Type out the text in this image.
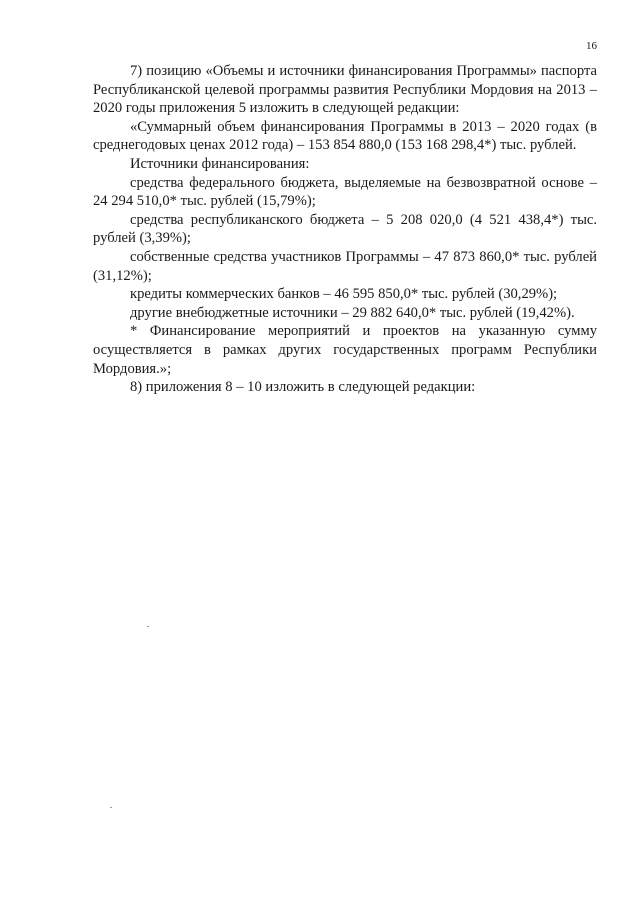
16

7) позицию «Объемы и источники финансирования Программы» паспорта Республиканской целевой программы развития Республики Мордовия на 2013 – 2020 годы приложения 5 изложить в следующей редакции:

«Суммарный объем финансирования Программы в 2013 – 2020 годах (в среднегодовых ценах 2012 года) – 153 854 880,0 (153 168 298,4*) тыс. рублей.

Источники финансирования:

средства федерального бюджета, выделяемые на безвозвратной основе – 24 294 510,0* тыс. рублей (15,79%);

средства республиканского бюджета – 5 208 020,0 (4 521 438,4*) тыс. рублей (3,39%);

собственные средства участников Программы – 47 873 860,0* тыс. рублей (31,12%);

кредиты коммерческих банков – 46 595 850,0* тыс. рублей (30,29%);

другие внебюджетные источники – 29 882 640,0* тыс. рублей (19,42%).

* Финансирование мероприятий и проектов на указанную сумму осуществляется в рамках других государственных программ Республики Мордовия.»;

8) приложения 8 – 10 изложить в следующей редакции:
